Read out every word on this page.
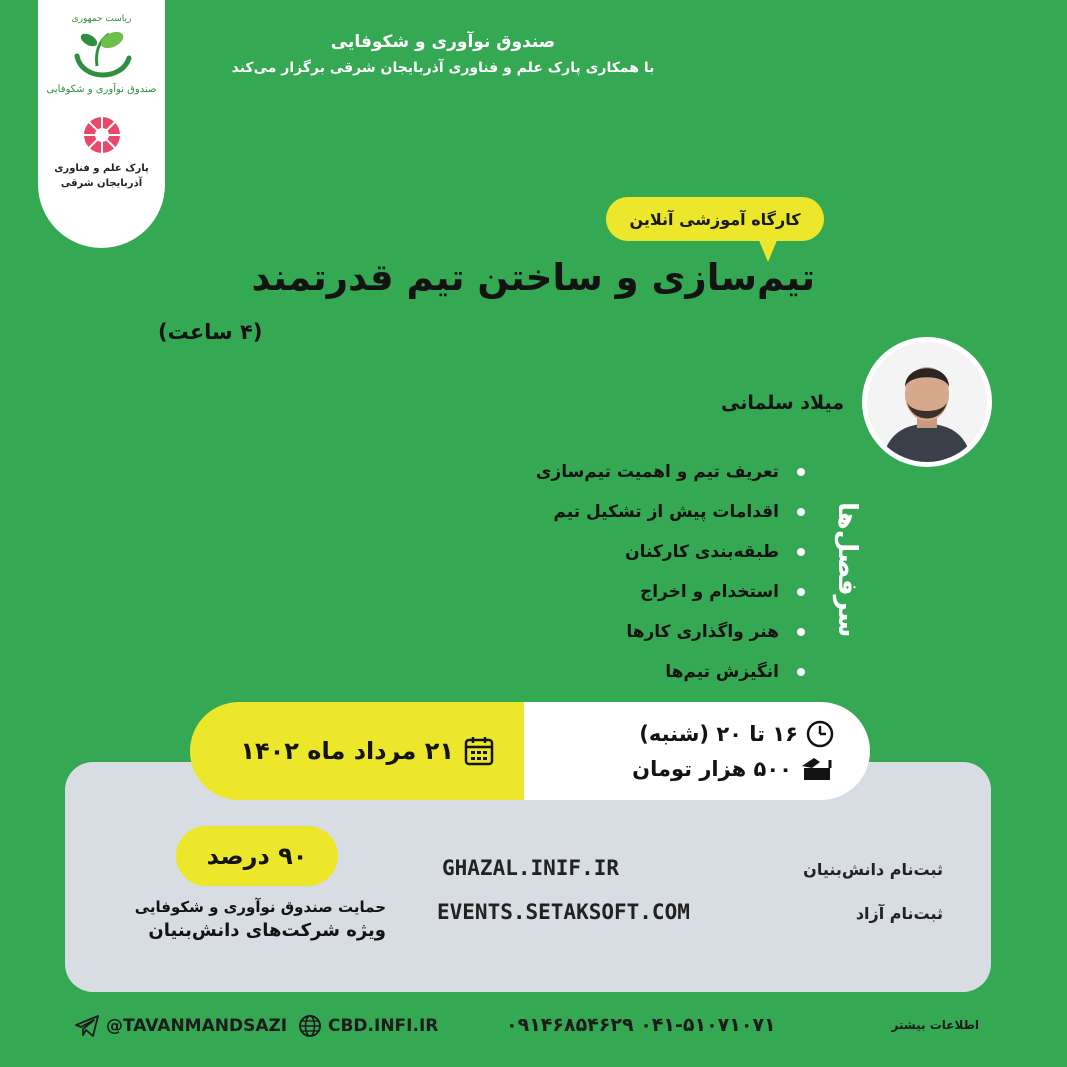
ریاست جمهوری
صندوق نوآوری و شکوفایی
پارک علم و فناوری
آذربایجان شرقی
صندوق نوآوری و شکوفایی
با همکاری پارک علم و فناوری آذربایجان شرقی برگزار می‌کند
کارگاه آموزشی آنلاین
تیم‌سازی و ساختن تیم قدرتمند
(۴ ساعت)
میلاد سلمانی
تعریف تیم و اهمیت تیم‌سازی
اقدامات پیش از تشکیل تیم
طبقه‌بندی کارکنان
استخدام و اخراج
هنر واگذاری کارها
انگیزش تیم‌ها
سرفصل‌ها
۲۱ مرداد ماه ۱۴۰۲
۱۶ تا ۲۰ (شنبه)
۵۰۰ هزار تومان
۹۰ درصد
حمایت صندوق نوآوری و شکوفایی
ویژه شرکت‌های دانش‌بنیان
GHAZAL.INIF.IR
EVENTS.SETAKSOFT.COM
ثبت‌نام دانش‌بنیان
ثبت‌نام آزاد
اطلاعات بیشتر
۰۴۱-۵۱۰۷۱۰۷۱ ۰۹۱۴۶۸۵۴۶۲۹
CBD.INFI.IR
@TAVANMANDSAZI
